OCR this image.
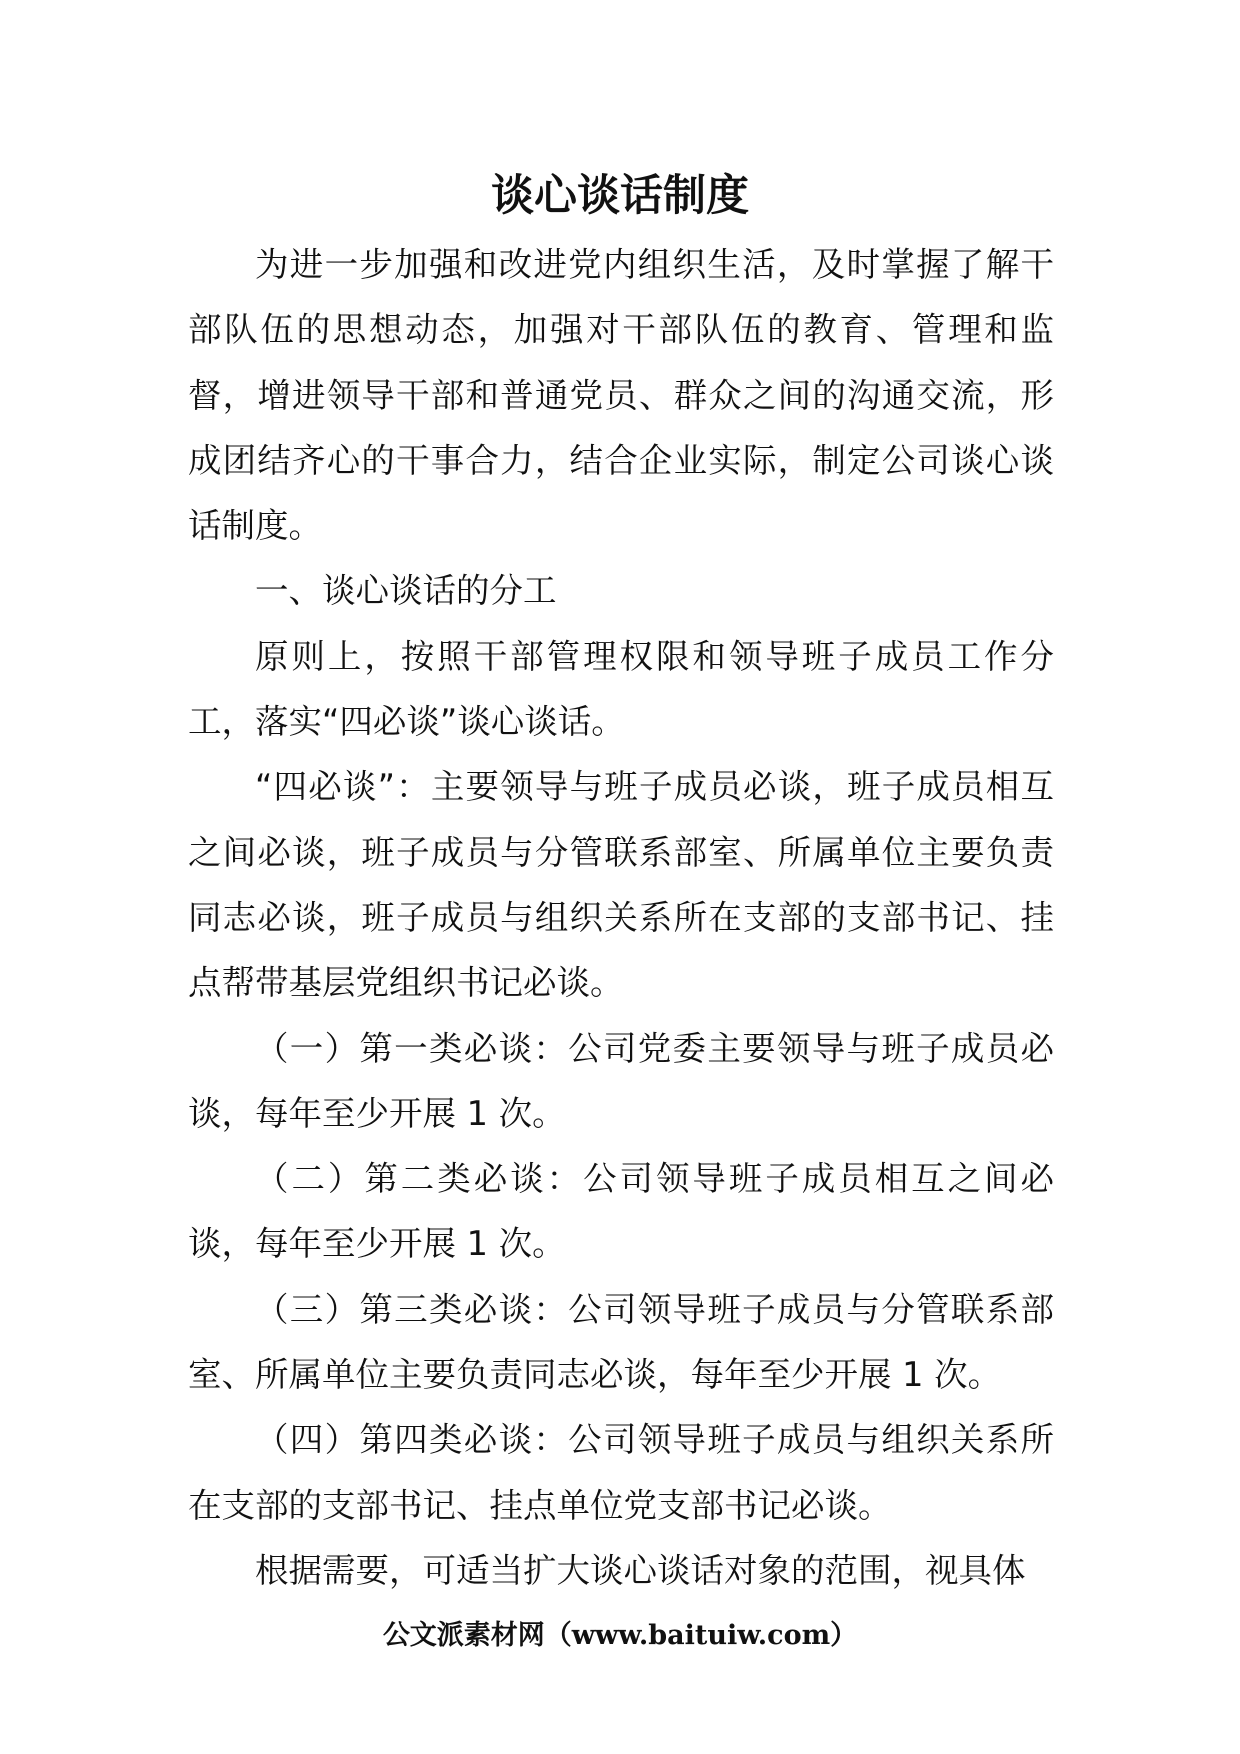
谈心谈话制度

为进一步加强和改进党内组织生活，及时掌握了解干部队伍的思想动态，加强对干部队伍的教育、管理和监督，增进领导干部和普通党员、群众之间的沟通交流，形成团结齐心的干事合力，结合企业实际，制定公司谈心谈话制度。

一、谈心谈话的分工

原则上，按照干部管理权限和领导班子成员工作分工，落实“四必谈”谈心谈话。

“四必谈”：主要领导与班子成员必谈，班子成员相互之间必谈，班子成员与分管联系部室、所属单位主要负责同志必谈，班子成员与组织关系所在支部的支部书记、挂点帮带基层党组织书记必谈。

（一）第一类必谈：公司党委主要领导与班子成员必谈，每年至少开展 1 次。

（二）第二类必谈：公司领导班子成员相互之间必谈，每年至少开展 1 次。

（三）第三类必谈：公司领导班子成员与分管联系部室、所属单位主要负责同志必谈，每年至少开展 1 次。

（四）第四类必谈：公司领导班子成员与组织关系所在支部的支部书记、挂点单位党支部书记必谈。

根据需要，可适当扩大谈心谈话对象的范围，视具体

公文派素材网（www.baituiw.com）
